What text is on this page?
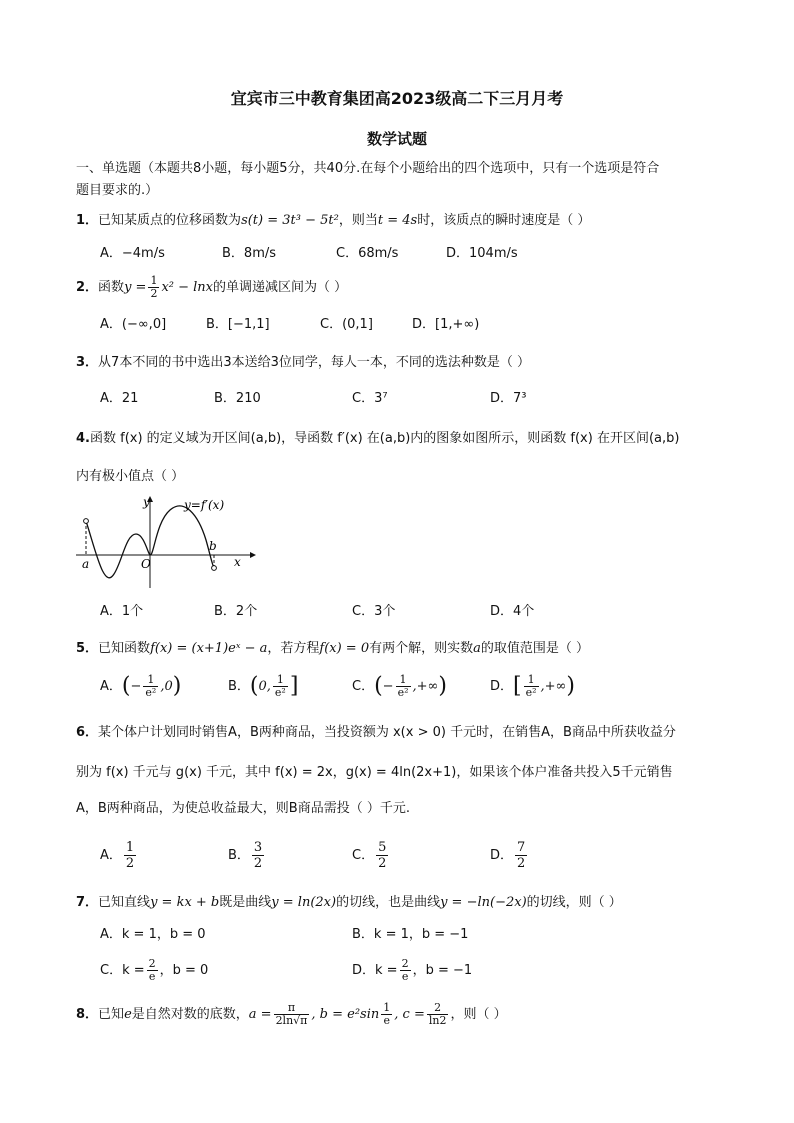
宜宾市三中教育集团高2023级高二下三月月考
数学试题
一、单选题（本题共8小题，每小题5分，共40分.在每个小题给出的四个选项中，只有一个选项是符合
题目要求的.）
1．已知某质点的位移函数为s(t) = 3t³ − 5t²，则当t = 4s时，该质点的瞬时速度是（ ）
A．−4m/s	B．8m/s	C．68m/s	D．104m/s
2．函数$y = \frac{1}{2} x^2 - \ln x$的单调递减区间为（ ）
A．(−∞,0]	B．[−1,1]	C．(0,1]	D．[1,+∞)
3．从7本不同的书中选出3本送给3位同学，每人一本，不同的选法种数是（ ）
A．21	B．210	C．3⁷	D．7³
4.函数 f(x) 的定义域为开区间(a,b)，导函数 f′(x) 在(a,b)内的图象如图所示，则函数 f(x) 在开区间(a,b)
内有极小值点（ ）
y	y=f′(x)
x
O
a
b
A．1个	B．2个	C．3个	D．4个
5．已知函数f(x) = (x+1)eˣ − a，若方程f(x) = 0有两个解，则实数a的取值范围是（ ）
A．(− $\frac{1}{\text{e²}} ,0$)	B．(0, $\frac{1}{\text{e²}}$ ]	C．(− $\frac{1}{\text{e²}}$ ,+∞)	D．[ $\frac{1}{\text{e²}}$ ,+∞)
6．某个体户计划同时销售A，B两种商品，当投资额为 x(x > 0) 千元时，在销售A，B商品中所获收益分
别为 f(x) 千元与 g(x) 千元，其中 f(x) = 2x，g(x) = 4ln(2x+1)，如果该个体户准备共投入5千元销售
A，B两种商品，为使总收益最大，则B商品需投（ ）千元.
A． $\frac{1}{2}$	B． $\frac{3}{2}$	C． $\frac{5}{2}$	D． $\frac{7}{2}$
7．已知直线y = kx + b既是曲线y = ln(2x)的切线，也是曲线y = −ln(−2x)的切线，则（ ）
A．k = 1，b = 0	B．k = 1，b = −1
C．$k = \frac{2}{e}$ ，b = 0	D．$k = \frac{2}{e}$ ，b = −1
8．已知e是自然对数的底数，$a = \frac{\pi}{2\ln√\pi}$ , $b = e^2\sin \frac{1}{e}$ , $c = \frac{2}{\ln 2}$ ，则（ ）
